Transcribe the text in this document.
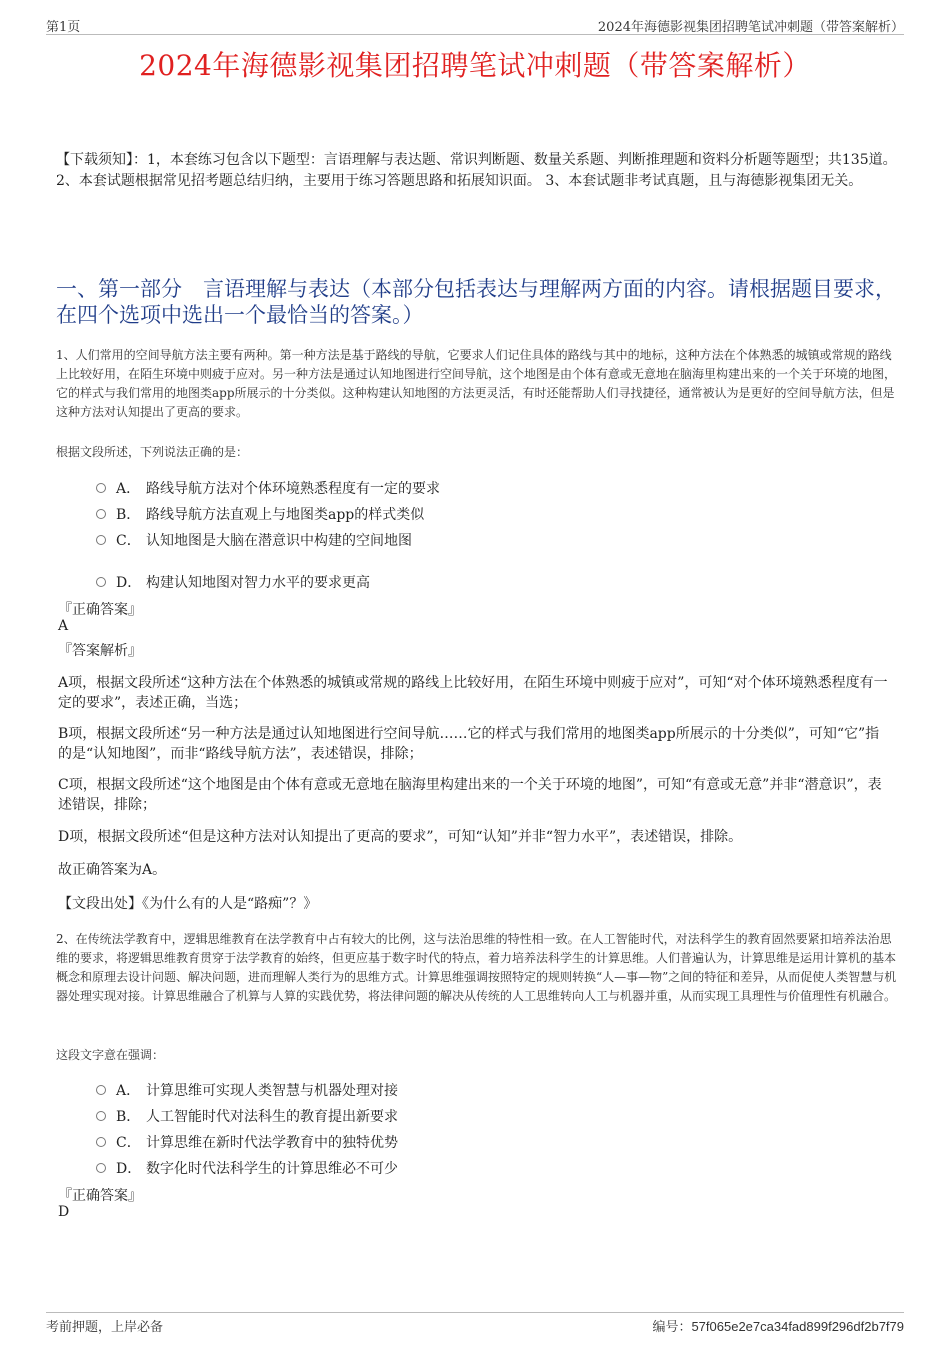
第1页	2024年海德影视集团招聘笔试冲刺题（带答案解析）
2024年海德影视集团招聘笔试冲刺题（带答案解析）
【下载须知】：1，本套练习包含以下题型：言语理解与表达题、常识判断题、数量关系题、判断推理题和资料分析题等题型；共135道。 2、本套试题根据常见招考题总结归纳，主要用于练习答题思路和拓展知识面。 3、本套试题非考试真题，且与海德影视集团无关。
一、第一部分　言语理解与表达（本部分包括表达与理解两方面的内容。请根据题目要求，在四个选项中选出一个最恰当的答案。）
1、人们常用的空间导航方法主要有两种。第一种方法是基于路线的导航，它要求人们记住具体的路线与其中的地标，这种方法在个体熟悉的城镇或常规的路线上比较好用，在陌生环境中则疲于应对。另一种方法是通过认知地图进行空间导航，这个地图是由个体有意或无意地在脑海里构建出来的一个关于环境的地图，它的样式与我们常用的地图类app所展示的十分类似。这种构建认知地图的方法更灵活，有时还能帮助人们寻找捷径，通常被认为是更好的空间导航方法，但是这种方法对认知提出了更高的要求。
根据文段所述，下列说法正确的是：
A． 路线导航方法对个体环境熟悉程度有一定的要求
B． 路线导航方法直观上与地图类app的样式类似
C． 认知地图是大脑在潜意识中构建的空间地图
D． 构建认知地图对智力水平的要求更高
『正确答案』
A
『答案解析』
A项，根据文段所述“这种方法在个体熟悉的城镇或常规的路线上比较好用，在陌生环境中则疲于应对”，可知“对个体环境熟悉程度有一定的要求”，表述正确，当选；
B项，根据文段所述“另一种方法是通过认知地图进行空间导航……它的样式与我们常用的地图类app所展示的十分类似”，可知“它”指的是“认知地图”，而非“路线导航方法”，表述错误，排除；
C项，根据文段所述“这个地图是由个体有意或无意地在脑海里构建出来的一个关于环境的地图”，可知“有意或无意”并非“潜意识”，表述错误，排除；
D项，根据文段所述“但是这种方法对认知提出了更高的要求”，可知“认知”并非“智力水平”，表述错误，排除。
故正确答案为A。
【文段出处】《为什么有的人是“路痴”？》
2、在传统法学教育中，逻辑思维教育在法学教育中占有较大的比例，这与法治思维的特性相一致。在人工智能时代，对法科学生的教育固然要紧扣培养法治思维的要求，将逻辑思维教育贯穿于法学教育的始终，但更应基于数字时代的特点，着力培养法科学生的计算思维。人们普遍认为，计算思维是运用计算机的基本概念和原理去设计问题、解决问题，进而理解人类行为的思维方式。计算思维强调按照特定的规则转换“人—事—物”之间的特征和差异，从而促使人类智慧与机器处理实现对接。计算思维融合了机算与人算的实践优势，将法律问题的解决从传统的人工思维转向人工与机器并重，从而实现工具理性与价值理性有机融合。
这段文字意在强调：
A． 计算思维可实现人类智慧与机器处理对接
B． 人工智能时代对法科生的教育提出新要求
C． 计算思维在新时代法学教育中的独特优势
D． 数字化时代法科学生的计算思维必不可少
『正确答案』
D
考前押题，上岸必备	编号：57f065e2e7ca34fad899f296df2b7f79
